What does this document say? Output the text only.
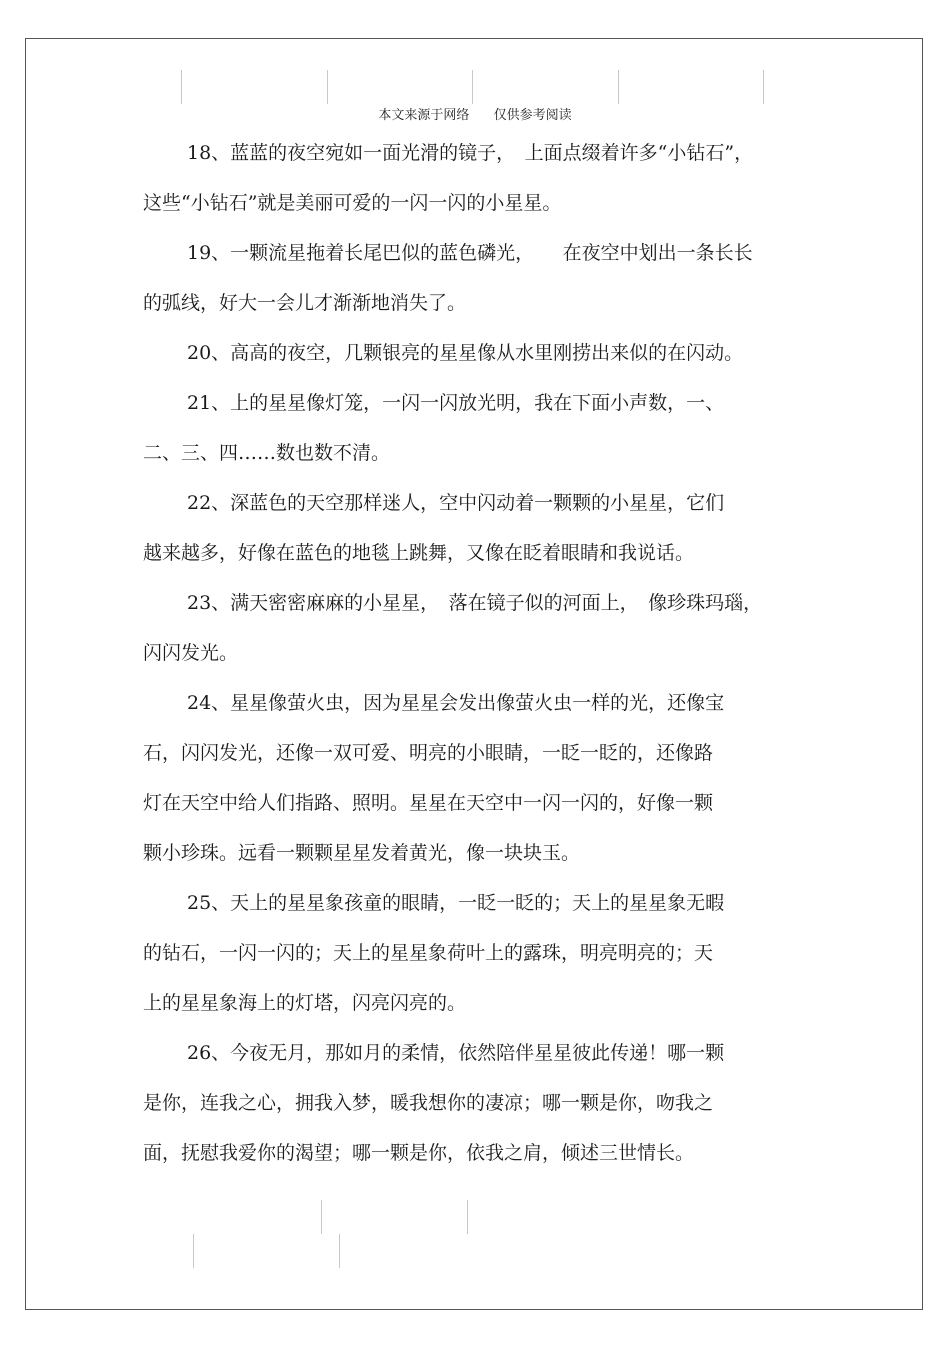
本文来源于网络 仅供参考阅读
18、蓝蓝的夜空宛如一面光滑的镜子，　上面点缀着许多“小钻石”，
这些“小钻石”就是美丽可爱的一闪一闪的小星星。
19、一颗流星拖着长尾巴似的蓝色磷光，　　在夜空中划出一条长长
的弧线，好大一会儿才渐渐地消失了。
20、高高的夜空，几颗银亮的星星像从水里刚捞出来似的在闪动。
21、上的星星像灯笼，一闪一闪放光明，我在下面小声数，一、
二、三、四……数也数不清。
22、深蓝色的天空那样迷人，空中闪动着一颗颗的小星星，它们
越来越多，好像在蓝色的地毯上跳舞，又像在眨着眼睛和我说话。
23、满天密密麻麻的小星星，　落在镜子似的河面上，　像珍珠玛瑙，
闪闪发光。
24、星星像萤火虫，因为星星会发出像萤火虫一样的光，还像宝
石，闪闪发光，还像一双可爱、明亮的小眼睛，一眨一眨的，还像路
灯在天空中给人们指路、照明。星星在天空中一闪一闪的，好像一颗
颗小珍珠。远看一颗颗星星发着黄光，像一块块玉。
25、天上的星星象孩童的眼睛，一眨一眨的；天上的星星象无暇
的钻石，一闪一闪的；天上的星星象荷叶上的露珠，明亮明亮的；天
上的星星象海上的灯塔，闪亮闪亮的。
26、今夜无月，那如月的柔情，依然陪伴星星彼此传递！哪一颗
是你，连我之心，拥我入梦，暖我想你的凄凉；哪一颗是你，吻我之
面，抚慰我爱你的渴望；哪一颗是你，依我之肩，倾述三世情长。
